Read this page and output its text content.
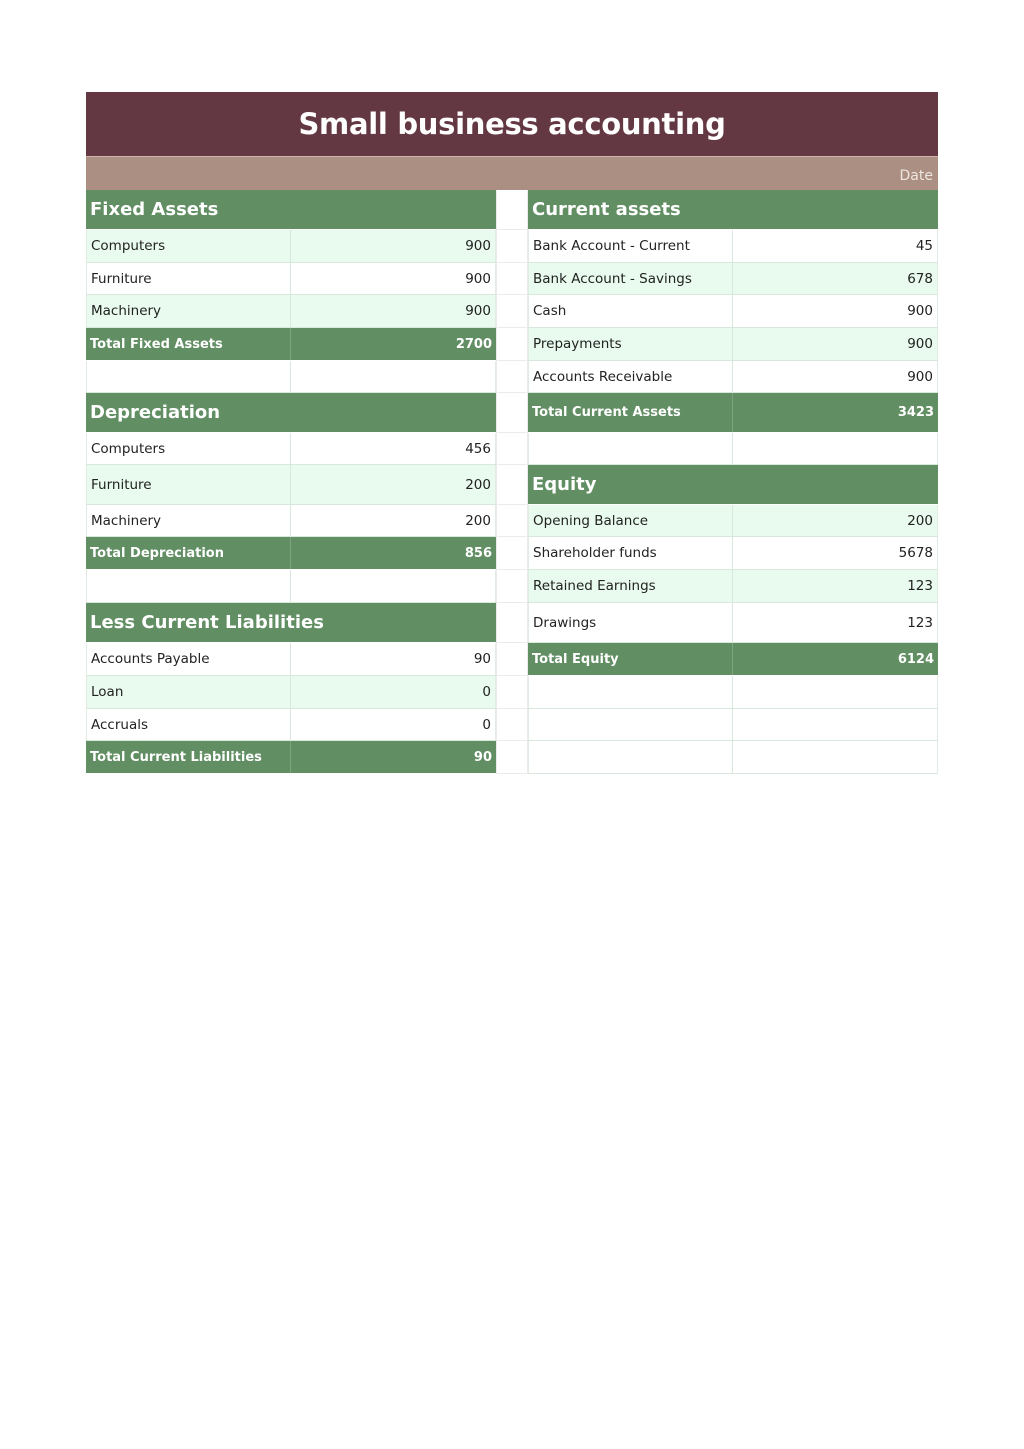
Small business accounting
Date
Fixed Assets
Computers	900
Furniture	900
Machinery	900
Total Fixed Assets	2700
Depreciation
Computers	456
Furniture	200
Machinery	200
Total Depreciation	856
Less Current Liabilities
Accounts Payable	90
Loan	0
Accruals	0
Total Current Liabilities	90
Current assets
Bank Account - Current	45
Bank Account - Savings	678
Cash	900
Prepayments	900
Accounts Receivable	900
Total Current Assets	3423
Equity
Opening Balance	200
Shareholder funds	5678
Retained Earnings	123
Drawings	123
Total Equity	6124
